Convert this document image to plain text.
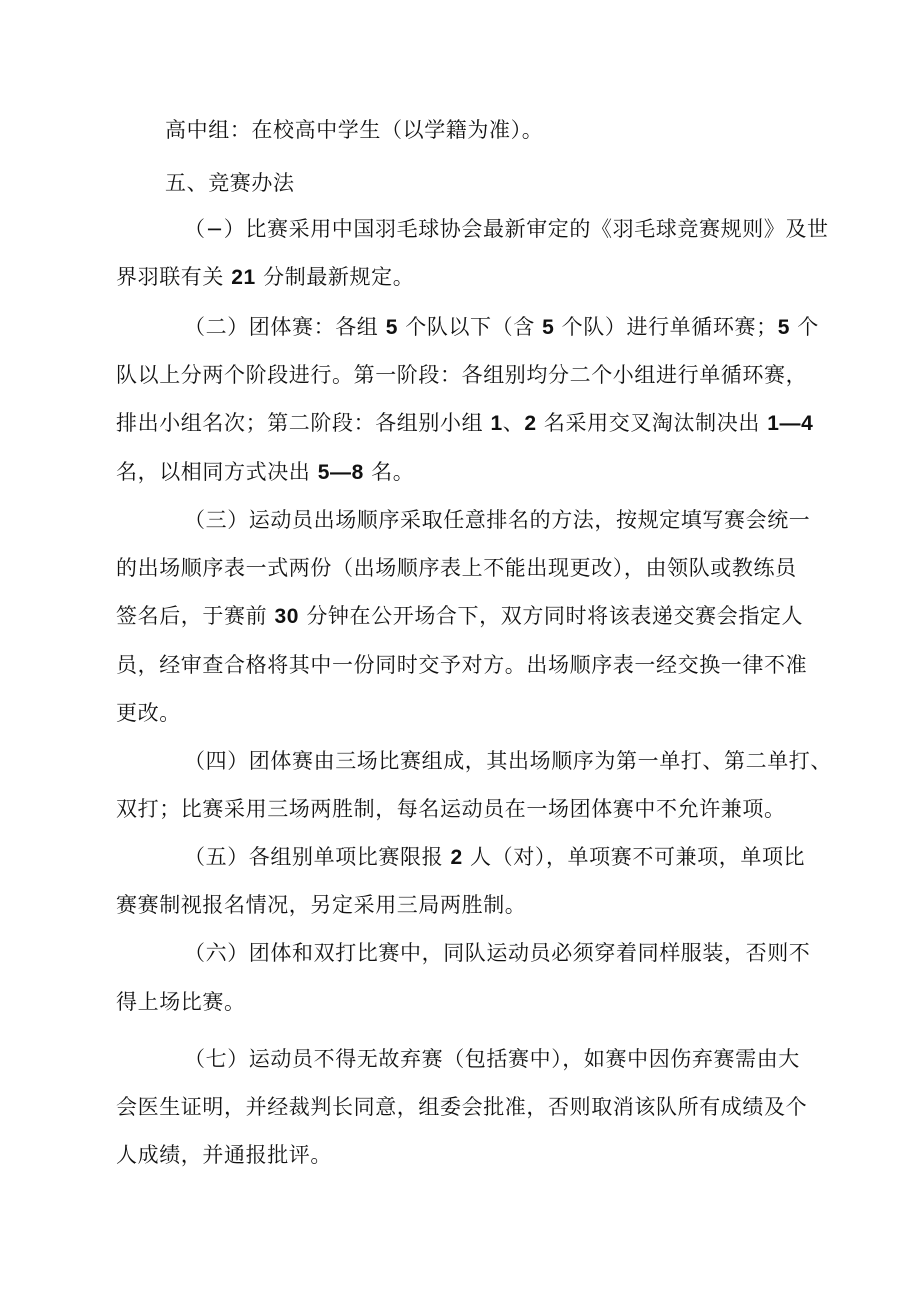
高中组：在校高中学生（以学籍为准）。
五、竞赛办法
（−）比赛采用中国羽毛球协会最新审定的《羽毛球竞赛规则》及世
界羽联有关 21 分制最新规定。
（二）团体赛：各组 5 个队以下（含 5 个队）进行单循环赛；5 个
队以上分两个阶段进行。第一阶段：各组别均分二个小组进行单循环赛，
排出小组名次；第二阶段：各组别小组 1、2 名采用交叉淘汰制决出 1—4
名，以相同方式决出 5—8 名。
（三）运动员出场顺序采取任意排名的方法，按规定填写赛会统一
的出场顺序表一式两份（出场顺序表上不能出现更改），由领队或教练员
签名后，于赛前 30 分钟在公开场合下，双方同时将该表递交赛会指定人
员，经审查合格将其中一份同时交予对方。出场顺序表一经交换一律不准
更改。
（四）团体赛由三场比赛组成，其出场顺序为第一单打、第二单打、
双打；比赛采用三场两胜制，每名运动员在一场团体赛中不允许兼项。
（五）各组别单项比赛限报 2 人（对），单项赛不可兼项，单项比
赛赛制视报名情况，另定采用三局两胜制。
（六）团体和双打比赛中，同队运动员必须穿着同样服装，否则不
得上场比赛。
（七）运动员不得无故弃赛（包括赛中），如赛中因伤弃赛需由大
会医生证明，并经裁判长同意，组委会批准，否则取消该队所有成绩及个
人成绩，并通报批评。
